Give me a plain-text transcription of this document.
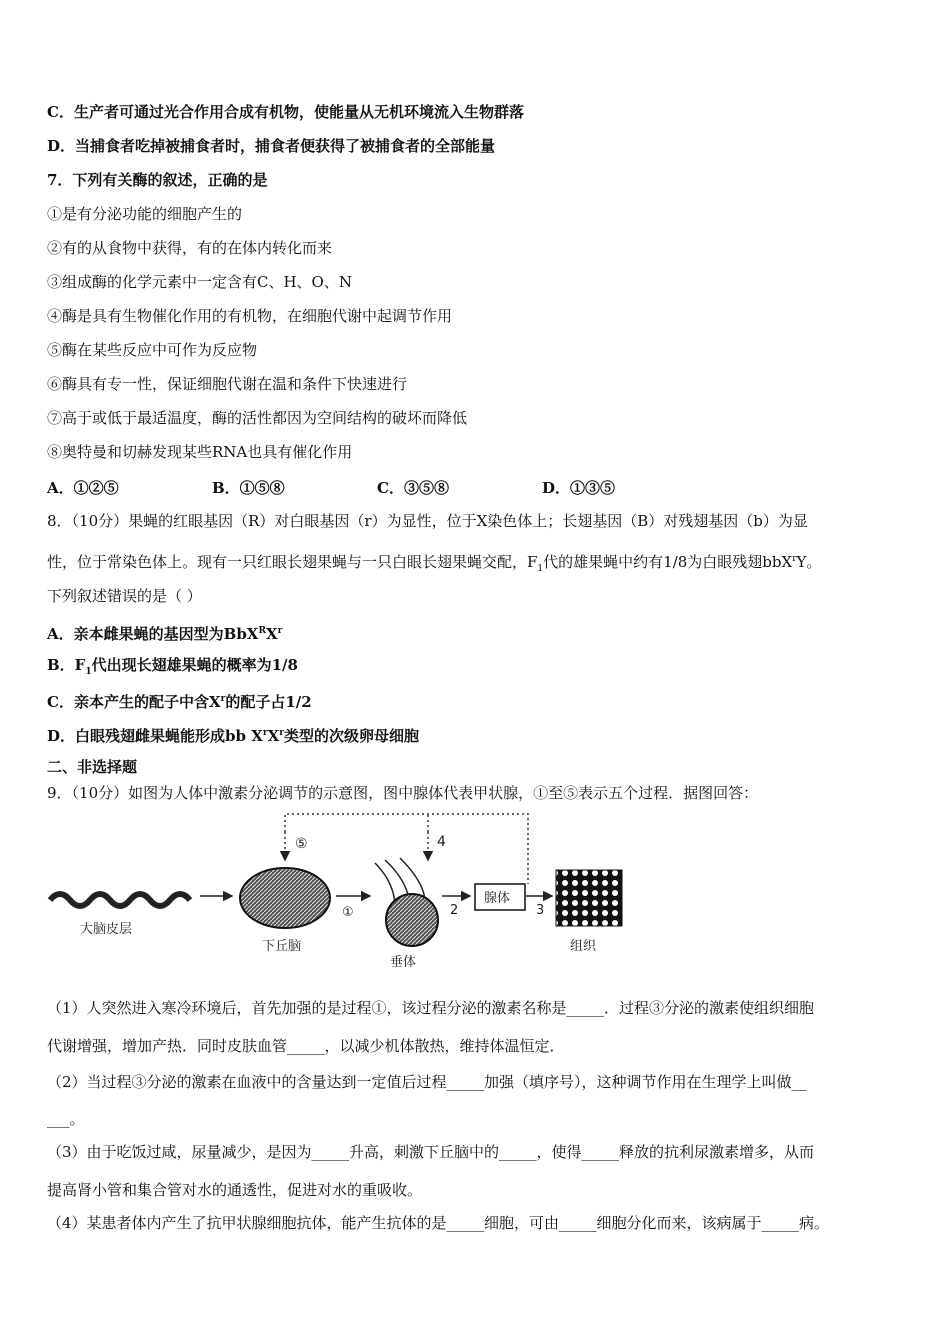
C．生产者可通过光合作用合成有机物，使能量从无机环境流入生物群落
D．当捕食者吃掉被捕食者时，捕食者便获得了被捕食者的全部能量
7．下列有关酶的叙述，正确的是
①是有分泌功能的细胞产生的
②有的从食物中获得，有的在体内转化而来
③组成酶的化学元素中一定含有C、H、O、N
④酶是具有生物催化作用的有机物，在细胞代谢中起调节作用
⑤酶在某些反应中可作为反应物
⑥酶具有专一性，保证细胞代谢在温和条件下快速进行
⑦高于或低于最适温度，酶的活性都因为空间结构的破坏而降低
⑧奥特曼和切赫发现某些RNA也具有催化作用
A．①②⑤	B．①⑤⑧	C．③⑤⑧	D．①③⑤
8．（10分）果蝇的红眼基因（R）对白眼基因（r）为显性，位于X染色体上；长翅基因（B）对残翅基因（b）为显
性，位于常染色体上。现有一只红眼长翅果蝇与一只白眼长翅果蝇交配，$F_1$代的雄果蝇中约有1/8为白眼残翅bbX$^r$Y。
下列叙述错误的是（ ）
A．亲本雌果蝇的基因型为$BbX^RX^r$
B．$F_1$代出现长翅雄果蝇的概率为1/8
C．亲本产生的配子中含$X^r$的配子占1/2
D．白眼残翅雌果蝇能形成bb $X^rX^r$类型的次级卵母细胞
二、非选择题
9．（10分）如图为人体中激素分泌调节的示意图，图中腺体代表甲状腺，①至⑤表示五个过程．据图回答：
⑤	4
大脑皮层
下丘脑
①
垂体
2
腺体
3
组织
（1）人突然进入寒冷环境后，首先加强的是过程①，该过程分泌的激素名称是_____．过程③分泌的激素使组织细胞
代谢增强，增加产热．同时皮肤血管_____，以减少机体散热，维持体温恒定．
（2）当过程③分泌的激素在血液中的含量达到一定值后过程_____加强（填序号），这种调节作用在生理学上叫做__
___。
（3）由于吃饭过咸，尿量减少，是因为_____升高，刺激下丘脑中的_____，使得_____释放的抗利尿激素增多，从而
提高肾小管和集合管对水的通透性，促进对水的重吸收。
（4）某患者体内产生了抗甲状腺细胞抗体，能产生抗体的是_____细胞，可由_____细胞分化而来，该病属于_____病。
